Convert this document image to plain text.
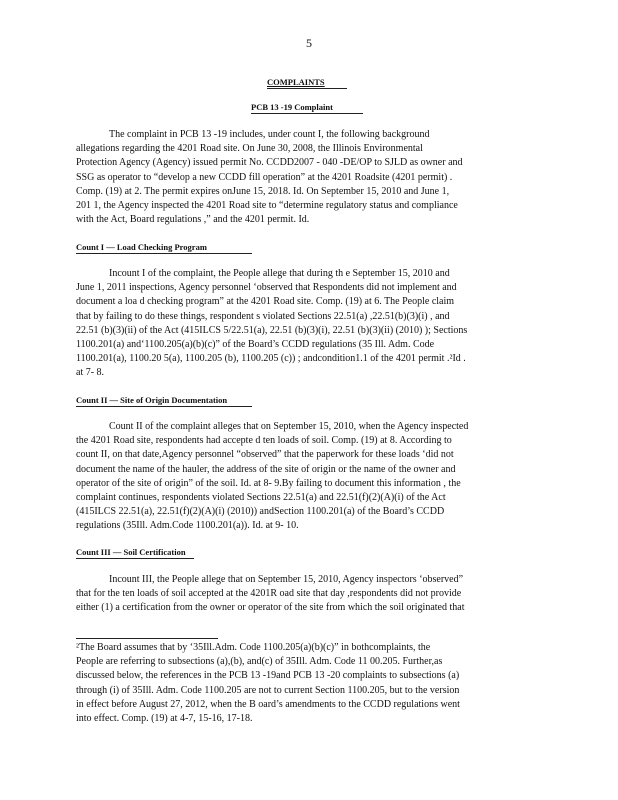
5
COMPLAINTS
PCB 13 -19 Complaint
The complaint in PCB 13 -19 includes, under count I, the following background
allegations regarding the 4201 Road site. On June 30, 2008, the Illinois Environmental
Protection Agency (Agency) issued permit No. CCDD2007 - 040 -DE/OP to SJLD as owner and
SSG as operator to “develop a new CCDD fill operation” at the 4201 Roadsite (4201 permit) .
Comp. (19) at 2. The permit expires onJune 15, 2018. Id. On September 15, 2010 and June 1,
201 1, the Agency inspected the 4201 Road site to “determine regulatory status and compliance
with the Act, Board regulations ,” and the 4201 permit. Id.
Count I — Load Checking Program
Incount I of the complaint, the People allege that during th e September 15, 2010 and
June 1, 2011 inspections, Agency personnel ‘observed that Respondents did not implement and
document a loa d checking program” at the 4201 Road site. Comp. (19) at 6. The People claim
that by failing to do these things, respondent s violated Sections 22.51(a) ,22.51(b)(3)(i) , and
22.51 (b)(3)(ii) of the Act (415ILCS 5/22.51(a), 22.51 (b)(3)(i), 22.51 (b)(3)(ii) (2010) ); Sections
1100.201(a) and‘1100.205(a)(b)(c)” of the Board’s CCDD regulations (35 Ill. Adm. Code
1100.201(a), 1100.20 5(a), 1100.205 (b), 1100.205 (c)) ; andcondition1.1 of the 4201 permit .²Id .
at 7- 8.
Count II — Site of Origin Documentation
Count II of the complaint alleges that on September 15, 2010, when the Agency inspected
the 4201 Road site, respondents had accepte d ten loads of soil. Comp. (19) at 8. According to
count II, on that date,Agency personnel “observed” that the paperwork for these loads ‘did not
document the name of the hauler, the address of the site of origin or the name of the owner and
operator of the site of origin” of the soil. Id. at 8- 9.By failing to document this information , the
complaint continues, respondents violated Sections 22.51(a) and 22.51(f)(2)(A)(i) of the Act
(415ILCS 22.51(a), 22.51(f)(2)(A)(i) (2010)) andSection 1100.201(a) of the Board’s CCDD
regulations (35Ill. Adm.Code 1100.201(a)). Id. at 9- 10.
Count III — Soil Certification
Incount III, the People allege that on September 15, 2010, Agency inspectors ‘observed”
that for the ten loads of soil accepted at the 4201R oad site that day ,respondents did not provide
either (1) a certification from the owner or operator of the site from which the soil originated that
²The Board assumes that by ‘35Ill.Adm. Code 1100.205(a)(b)(c)” in bothcomplaints, the
People are referring to subsections (a),(b), and(c) of 35Ill. Adm. Code 11 00.205. Further,as
discussed below, the references in the PCB 13 -19and PCB 13 -20 complaints to subsections (a)
through (i) of 35Ill. Adm. Code 1100.205 are not to current Section 1100.205, but to the version
in effect before August 27, 2012, when the B oard’s amendments to the CCDD regulations went
into effect. Comp. (19) at 4-7, 15-16, 17-18.
